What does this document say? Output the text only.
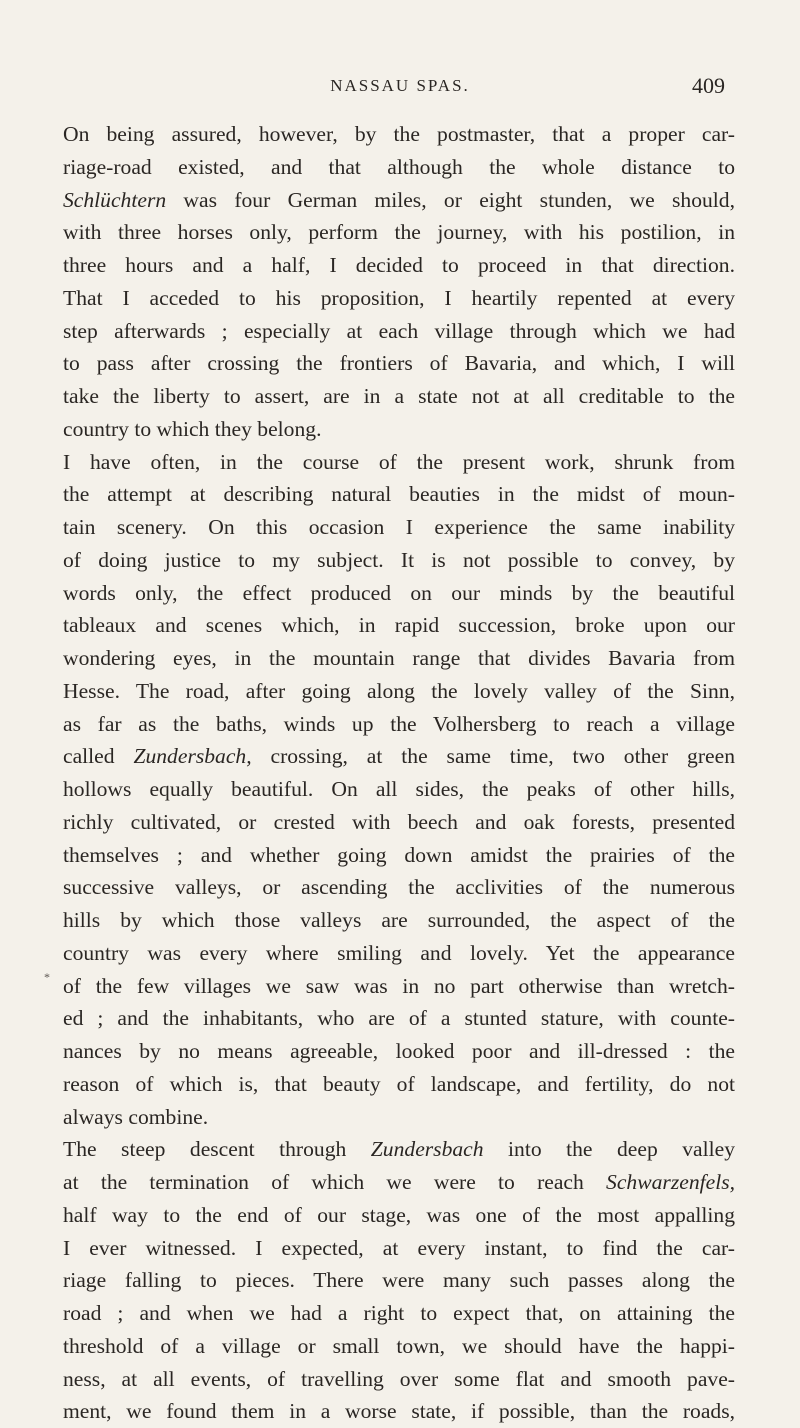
NASSAU SPAS.	409
*
On being assured, however, by the postmaster, that a proper car-
riage-road existed, and that although the whole distance to
Schlüchtern was four German miles, or eight stunden, we should,
with three horses only, perform the journey, with his postilion, in
three hours and a half, I decided to proceed in that direction.
That I acceded to his proposition, I heartily repented at every
step afterwards ; especially at each village through which we had
to pass after crossing the frontiers of Bavaria, and which, I will
take the liberty to assert, are in a state not at all creditable to the
country to which they belong.
I have often, in the course of the present work, shrunk from
the attempt at describing natural beauties in the midst of moun-
tain scenery. On this occasion I experience the same inability
of doing justice to my subject. It is not possible to convey, by
words only, the effect produced on our minds by the beautiful
tableaux and scenes which, in rapid succession, broke upon our
wondering eyes, in the mountain range that divides Bavaria from
Hesse. The road, after going along the lovely valley of the Sinn,
as far as the baths, winds up the Volhersberg to reach a village
called Zundersbach, crossing, at the same time, two other green
hollows equally beautiful. On all sides, the peaks of other hills,
richly cultivated, or crested with beech and oak forests, presented
themselves ; and whether going down amidst the prairies of the
successive valleys, or ascending the acclivities of the numerous
hills by which those valleys are surrounded, the aspect of the
country was every where smiling and lovely. Yet the appearance
of the few villages we saw was in no part otherwise than wretch-
ed ; and the inhabitants, who are of a stunted stature, with counte-
nances by no means agreeable, looked poor and ill-dressed : the
reason of which is, that beauty of landscape, and fertility, do not
always combine.
The steep descent through Zundersbach into the deep valley
at the termination of which we were to reach Schwarzenfels,
half way to the end of our stage, was one of the most appalling
I ever witnessed. I expected, at every instant, to find the car-
riage falling to pieces. There were many such passes along the
road ; and when we had a right to expect that, on attaining the
threshold of a village or small town, we should have the happi-
ness, at all events, of travelling over some flat and smooth pave-
ment, we found them in a worse state, if possible, than the roads,
